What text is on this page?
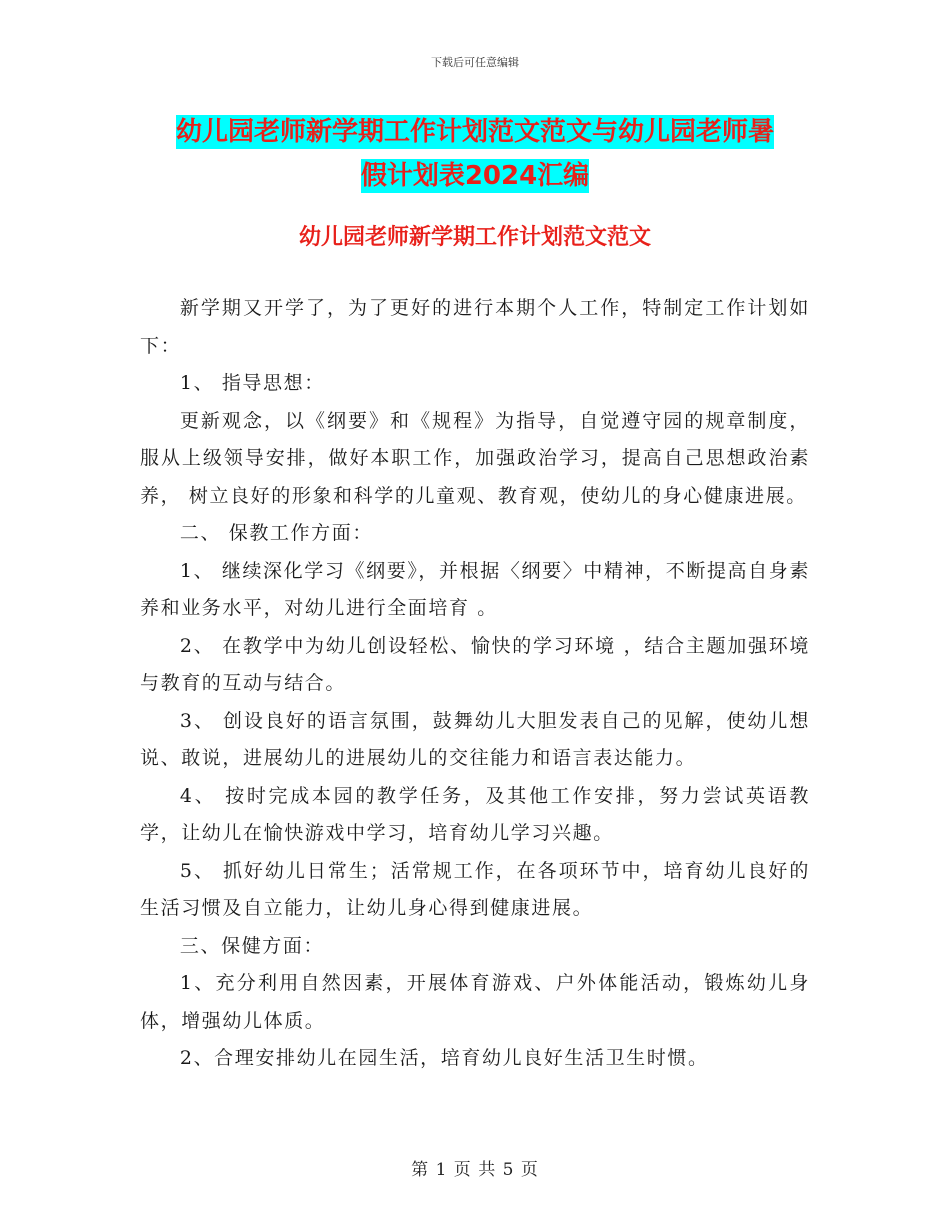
下载后可任意编辑
幼儿园老师新学期工作计划范文范文与幼儿园老师暑
假计划表2024汇编
幼儿园老师新学期工作计划范文范文

新学期又开学了，为了更好的进行本期个人工作，特制定工作计划如下：

1、 指导思想：

更新观念，以《纲要》和《规程》为指导，自觉遵守园的规章制度，服从上级领导安排，做好本职工作，加强政治学习，提高自己思想政治素养， 树立良好的形象和科学的儿童观、教育观，使幼儿的身心健康进展。

二、 保教工作方面：

1、 继续深化学习《纲要》，并根据〈纲要〉中精神，不断提高自身素养和业务水平，对幼儿进行全面培育 。

2、 在教学中为幼儿创设轻松、愉快的学习环境 ，结合主题加强环境与教育的互动与结合。

3、 创设良好的语言氛围，鼓舞幼儿大胆发表自己的见解，使幼儿想说、敢说，进展幼儿的进展幼儿的交往能力和语言表达能力。

4、 按时完成本园的教学任务，及其他工作安排，努力尝试英语教学，让幼儿在愉快游戏中学习，培育幼儿学习兴趣。

5、 抓好幼儿日常生；活常规工作，在各项环节中，培育幼儿良好的生活习惯及自立能力，让幼儿身心得到健康进展。

三、保健方面：

1、充分利用自然因素，开展体育游戏、户外体能活动，锻炼幼儿身体，增强幼儿体质。

2、合理安排幼儿在园生活，培育幼儿良好生活卫生时惯。

第 1 页 共 5 页
